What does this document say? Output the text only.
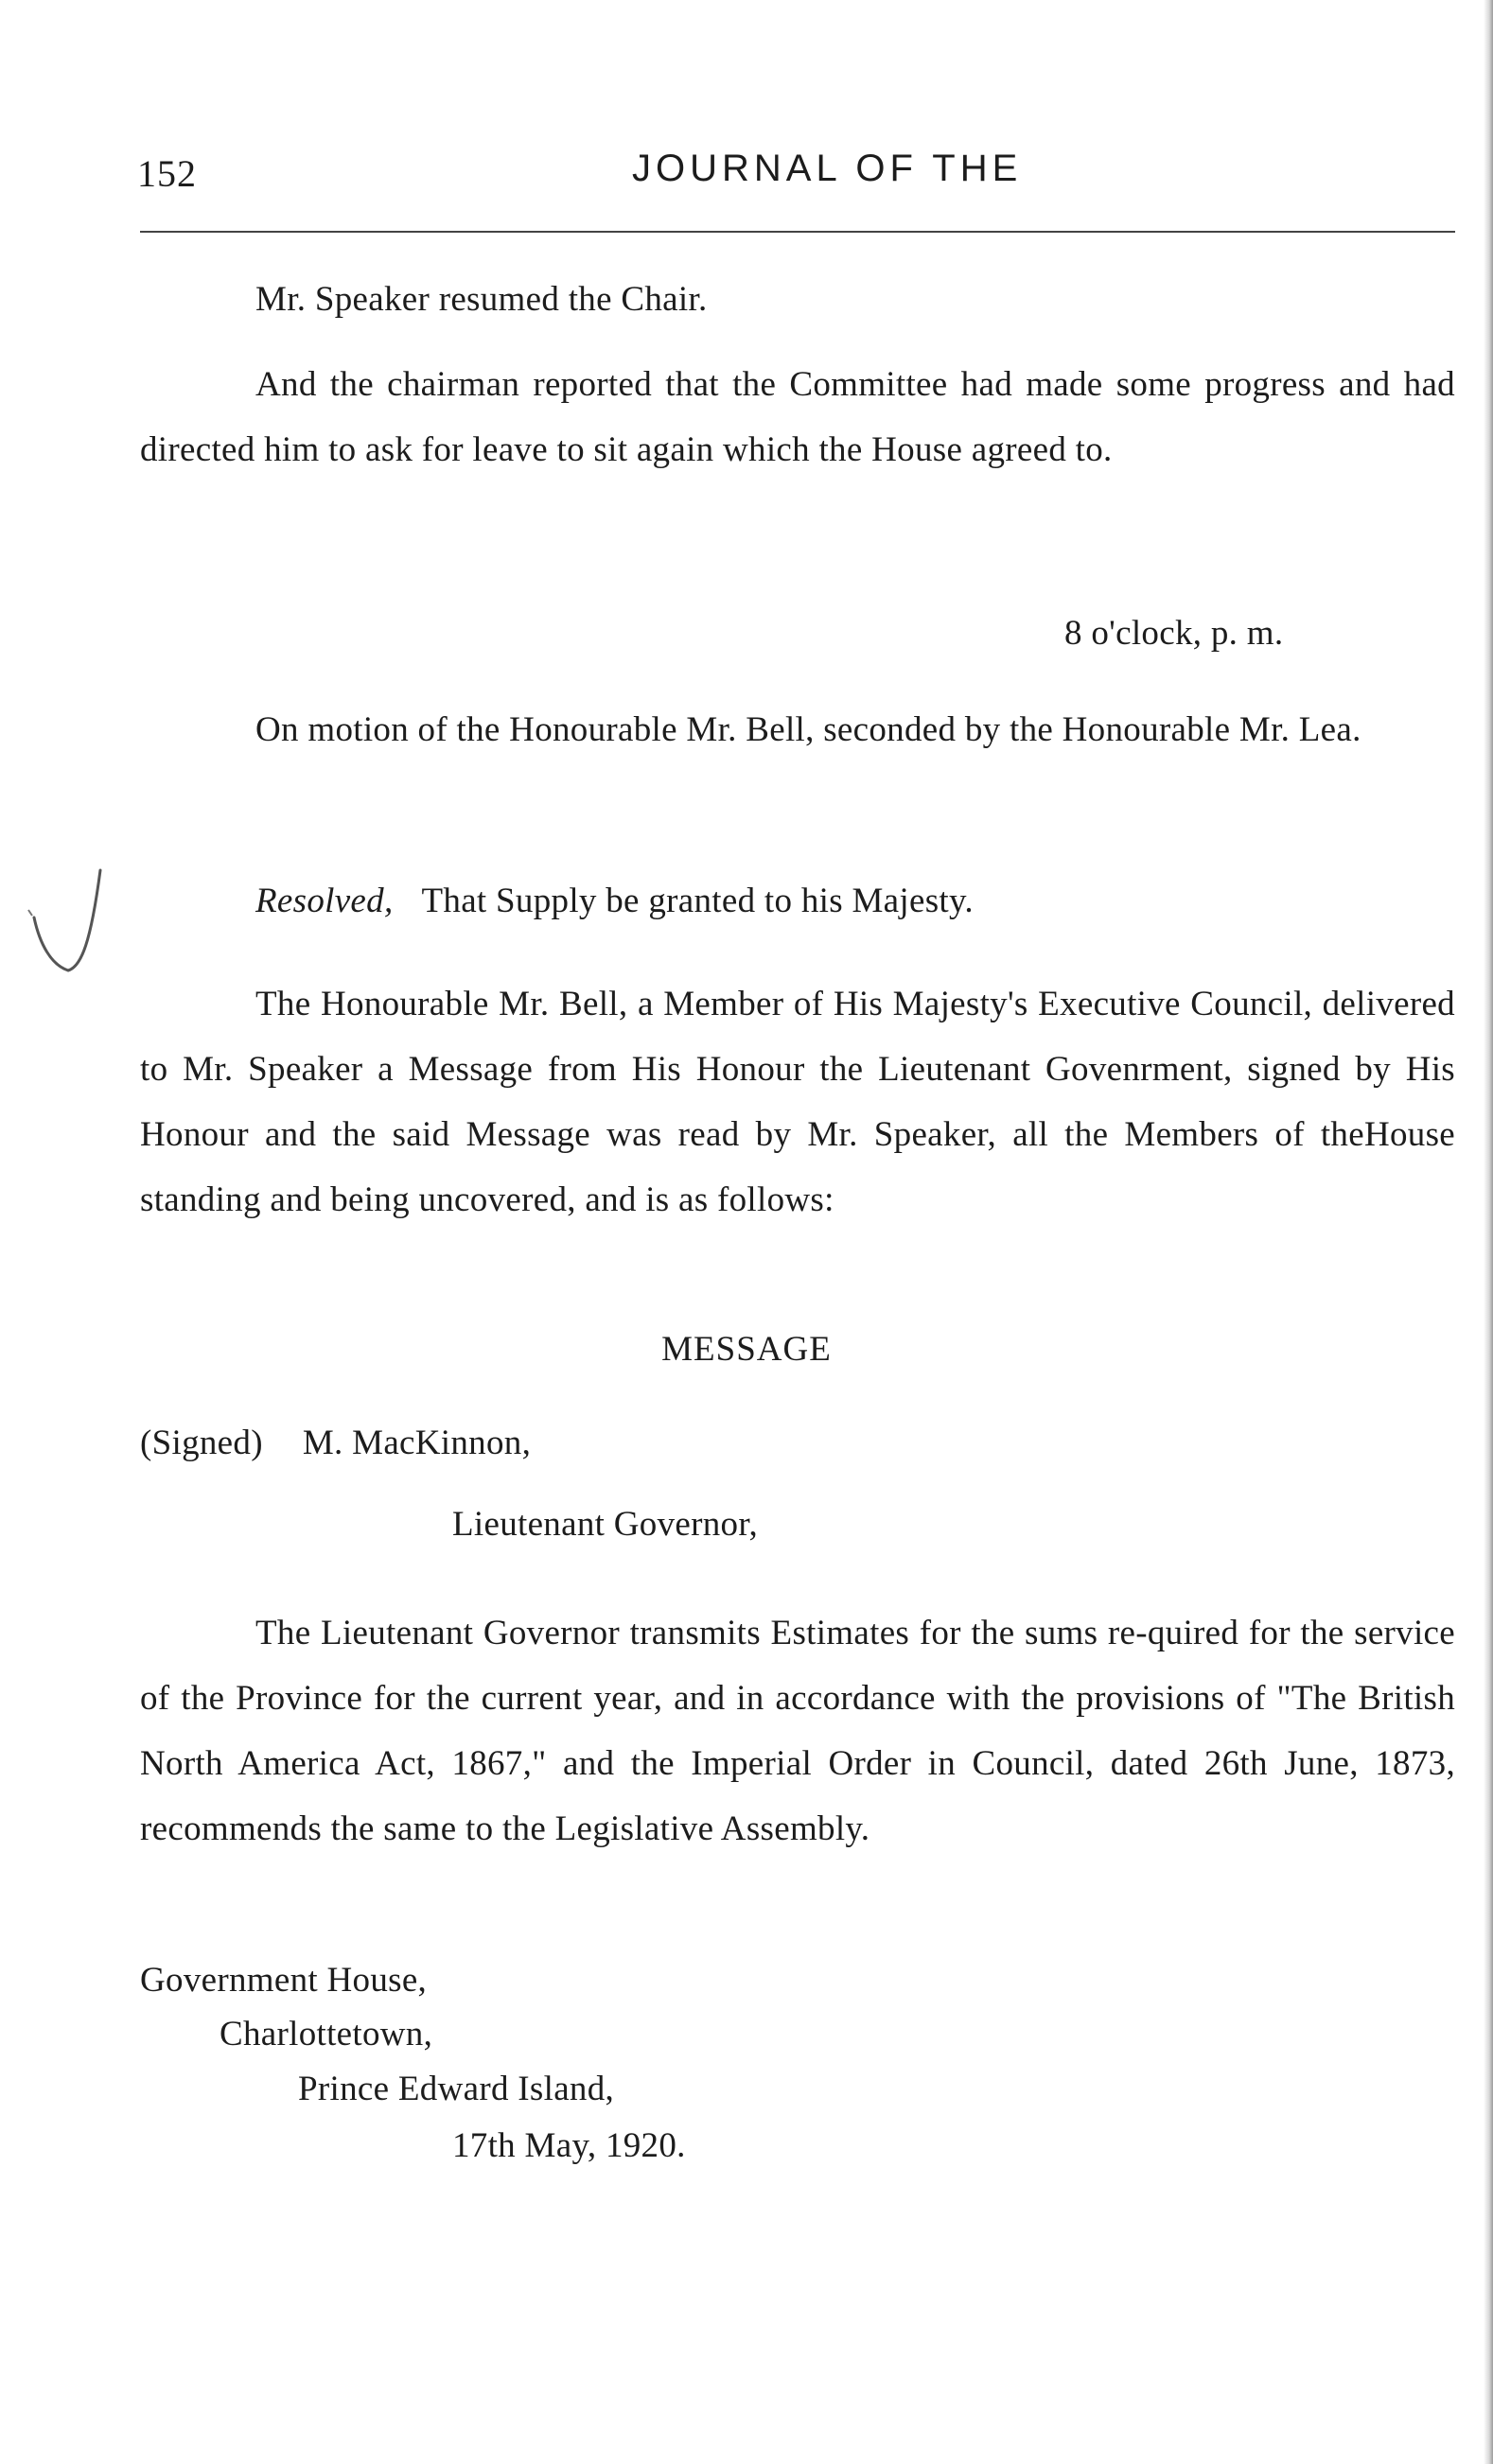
152	JOURNAL OF THE

Mr. Speaker resumed the Chair.

And the chairman reported that the Committee had made some progress and had directed him to ask for leave to sit again which the House agreed to.

8 o'clock, p. m.

On motion of the Honourable Mr. Bell, seconded by the Honourable Mr. Lea.

Resolved, That Supply be granted to his Majesty.

The Honourable Mr. Bell, a Member of His Majesty's Executive Council, delivered to Mr. Speaker a Message from His Honour the Lieutenant Govenrment, signed by His Honour and the said Message was read by Mr. Speaker, all the Members of theHouse standing and being uncovered, and is as follows:

MESSAGE

(Signed) M. MacKinnon,

Lieutenant Governor,

The Lieutenant Governor transmits Estimates for the sums re-quired for the service of the Province for the current year, and in accordance with the provisions of "The British North America Act, 1867," and the Imperial Order in Council, dated 26th June, 1873, recommends the same to the Legislative Assembly.

Government House,

Charlottetown,

Prince Edward Island,

17th May, 1920.
